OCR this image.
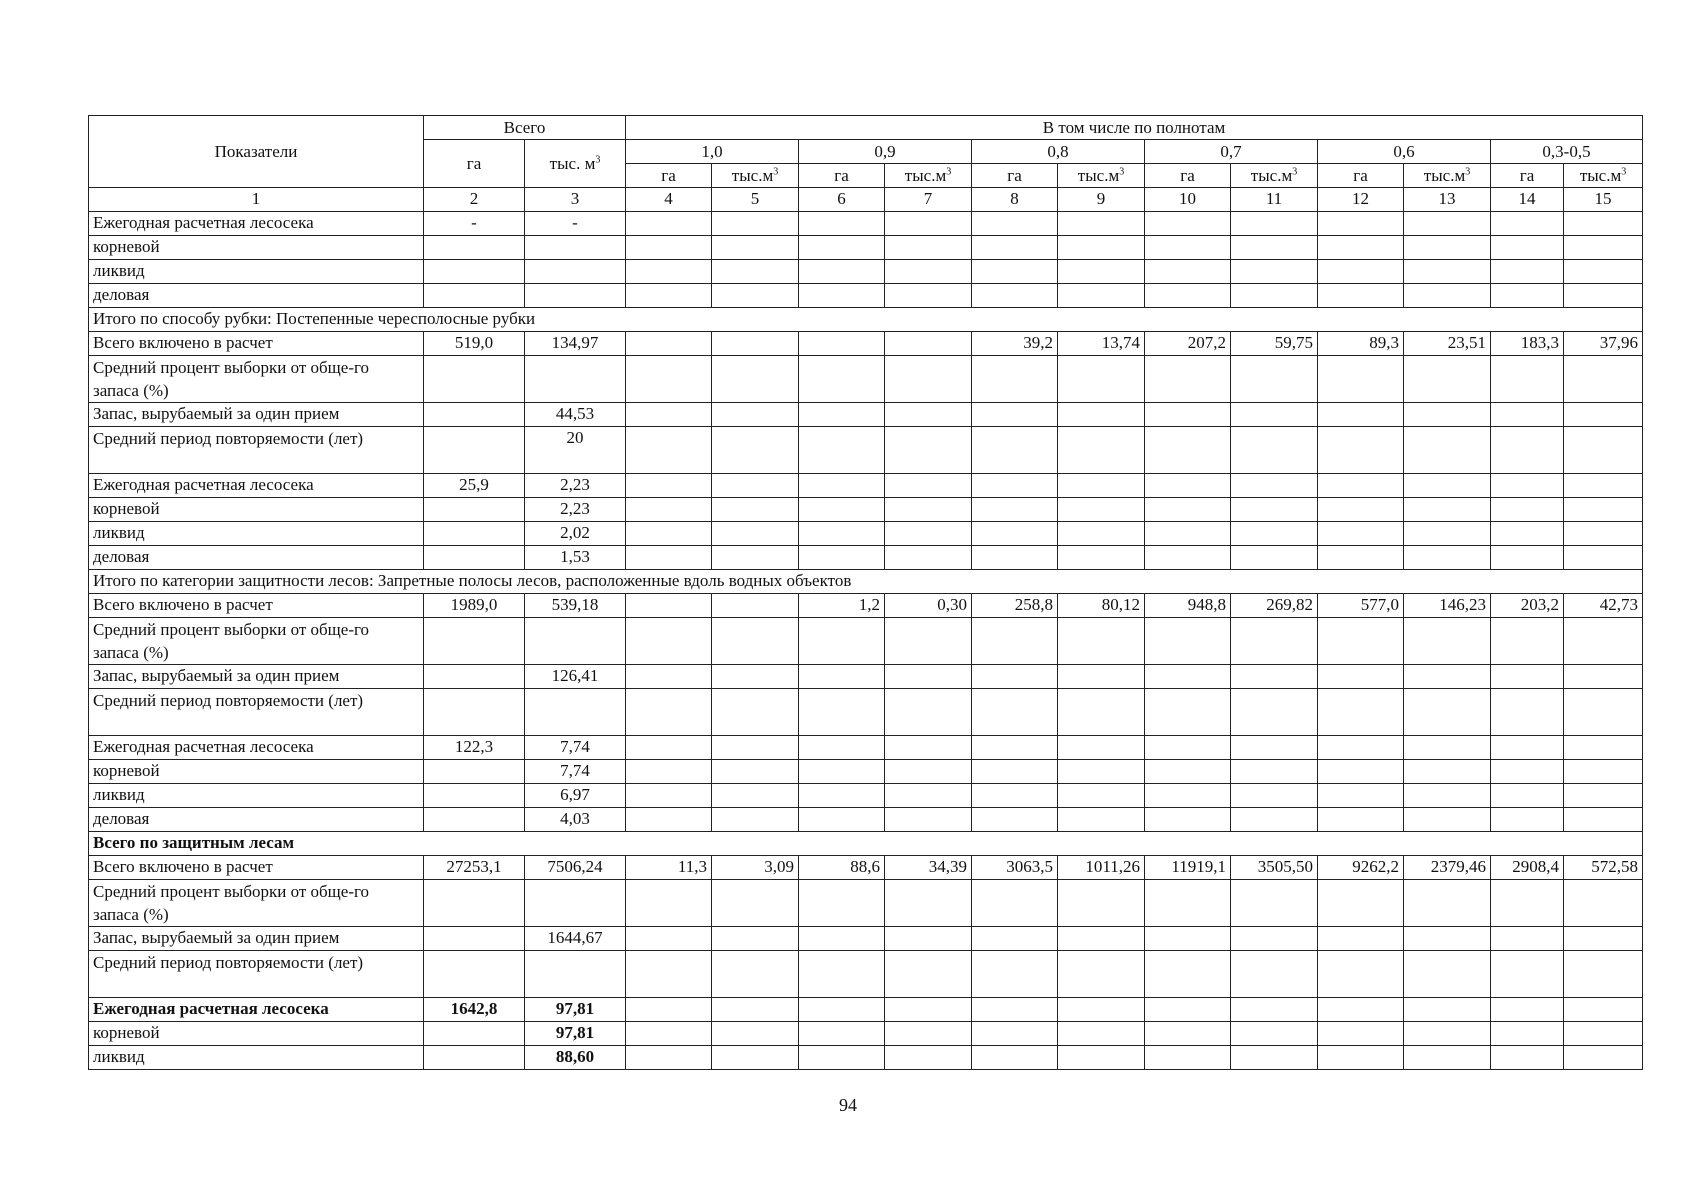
Показатели	Всего		В том числе по полнотам											
	га	тыс. $м^3$	1,0		0,9		0,8		0,7		0,6		0,3-0,5	
			га	$тыс.м^3$	га	$тыс.м^3$	га	$тыс.м^3$	га	$тыс.м^3$	га	$тыс.м^3$	га	$тыс.м^3$
1	2	3	4	5	6	7	8	9	10	11	12	13	14	15
Ежегодная расчетная лесосека	-	-												
корневой														
ликвид														
деловая														
Итого по способу рубки: Постепенные чересполосные рубки														
Всего включено в расчет	519,0	134,97					39,2	13,74	207,2	59,75	89,3	23,51	183,3	37,96
Средний процент выборки от обще-го запаса (%)														
Запас, вырубаемый за один прием		44,53												
Средний период повторяемости (лет)		20												
Ежегодная расчетная лесосека	25,9	2,23												
корневой		2,23												
ликвид		2,02												
деловая		1,53												
Итого по категории защитности лесов: Запретные полосы лесов, расположенные вдоль водных объектов														
Всего включено в расчет	1989,0	539,18			1,2	0,30	258,8	80,12	948,8	269,82	577,0	146,23	203,2	42,73
Средний процент выборки от обще-го запаса (%)														
Запас, вырубаемый за один прием		126,41												
Средний период повторяемости (лет)														
Ежегодная расчетная лесосека	122,3	7,74												
корневой		7,74												
ликвид		6,97												
деловая		4,03												
Всего по защитным лесам														
Всего включено в расчет	27253,1	7506,24	11,3	3,09	88,6	34,39	3063,5	1011,26	11919,1	3505,50	9262,2	2379,46	2908,4	572,58
Средний процент выборки от обще-го запаса (%)														
Запас, вырубаемый за один прием		1644,67												
Средний период повторяемости (лет)														
Ежегодная расчетная лесосека	1642,8	97,81												
корневой		97,81												
ликвид		88,60												
94
